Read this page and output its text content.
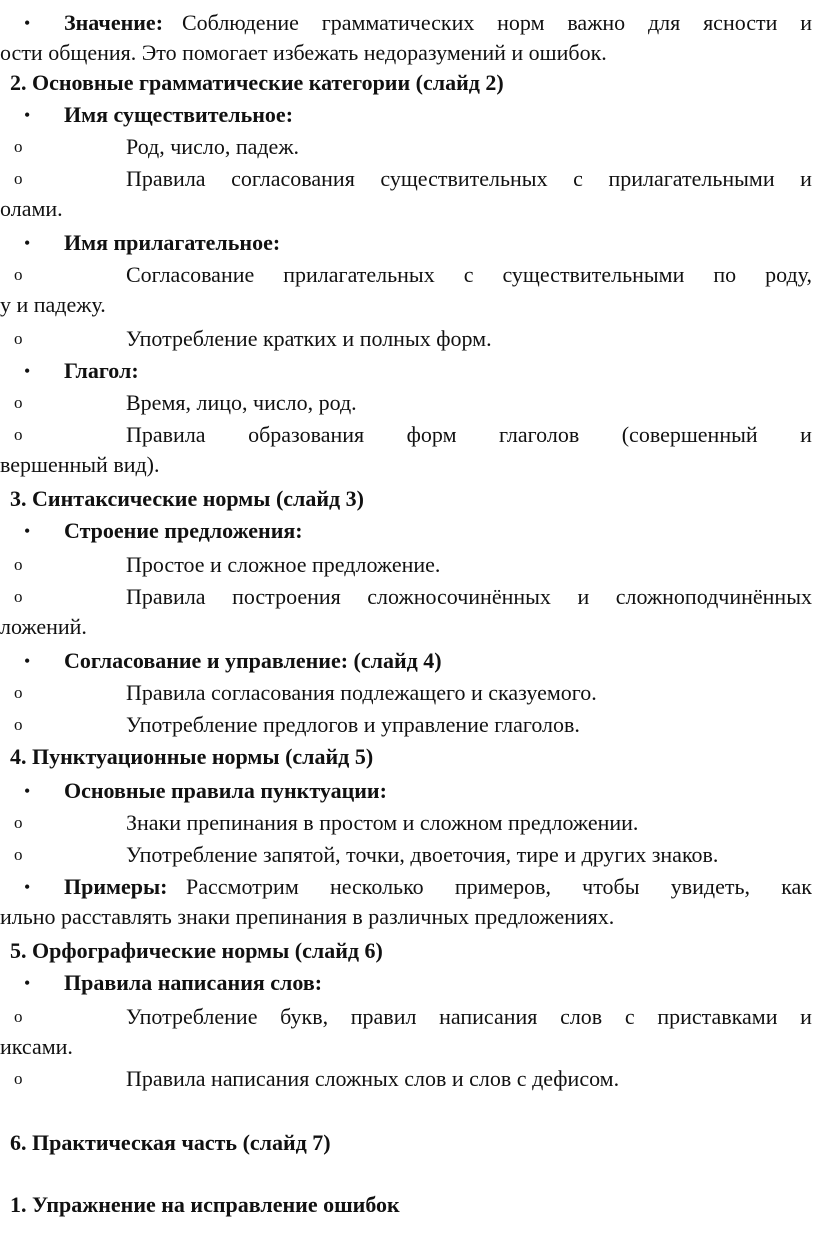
• Значение: Соблюдение грамматических норм важно для ясности и
ости общения. Это помогает избежать недоразумений и ошибок.
2. Основные грамматические категории (слайд 2)
• Имя существительное:
o	Род, число, падеж.
o	Правила согласования существительных с прилагательными и
олами.
• Имя прилагательное:
o	Согласование прилагательных с существительными по роду,
у и падежу.
o	Употребление кратких и полных форм.
• Глагол:
o	Время, лицо, число, род.
o	Правила образования форм глаголов (совершенный и
вершенный вид).
3. Синтаксические нормы (слайд 3)
• Строение предложения:
o	Простое и сложное предложение.
o	Правила построения сложносочинённых и сложноподчинённых
ложений.
• Согласование и управление: (слайд 4)
o	Правила согласования подлежащего и сказуемого.
o	Употребление предлогов и управление глаголов.
4. Пунктуационные нормы (слайд 5)
• Основные правила пунктуации:
o	Знаки препинания в простом и сложном предложении.
o	Употребление запятой, точки, двоеточия, тире и других знаков.
• Примеры: Рассмотрим несколько примеров, чтобы увидеть, как
ильно расставлять знаки препинания в различных предложениях.
5. Орфографические нормы (слайд 6)
• Правила написания слов:
o	Употребление букв, правил написания слов с приставками и
иксами.
o	Правила написания сложных слов и слов с дефисом.
6. Практическая часть (слайд 7)
1. Упражнение на исправление ошибок
